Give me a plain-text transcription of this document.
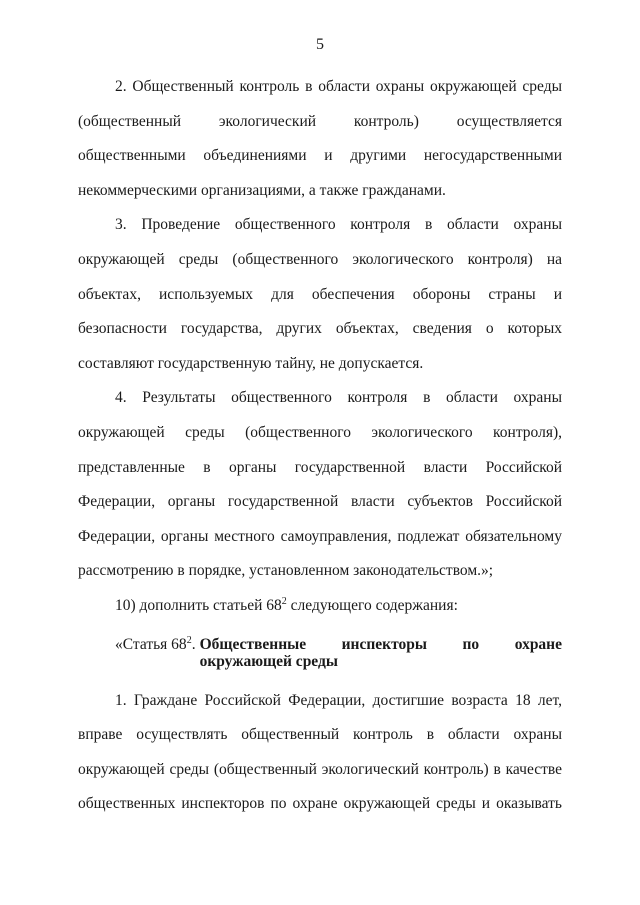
5

2. Общественный контроль в области охраны окружающей среды (общественный экологический контроль) осуществляется общественными объединениями и другими негосударственными некоммерческими организациями, а также гражданами.

3. Проведение общественного контроля в области охраны окружающей среды (общественного экологического контроля) на объектах, используемых для обеспечения обороны страны и безопасности государства, других объектах, сведения о которых составляют государственную тайну, не допускается.

4. Результаты общественного контроля в области охраны окружающей среды (общественного экологического контроля), представленные в органы государственной власти Российской Федерации, органы государственной власти субъектов Российской Федерации, органы местного самоуправления, подлежат обязательному рассмотрению в порядке, установленном законодательством.»;

10) дополнить статьей $68^2$ следующего содержания:

«Статья $68^2$. Общественные инспекторы по охране
окружающей среды

1. Граждане Российской Федерации, достигшие возраста 18 лет, вправе осуществлять общественный контроль в области охраны окружающей среды (общественный экологический контроль) в качестве общественных инспекторов по охране окружающей среды и оказывать
